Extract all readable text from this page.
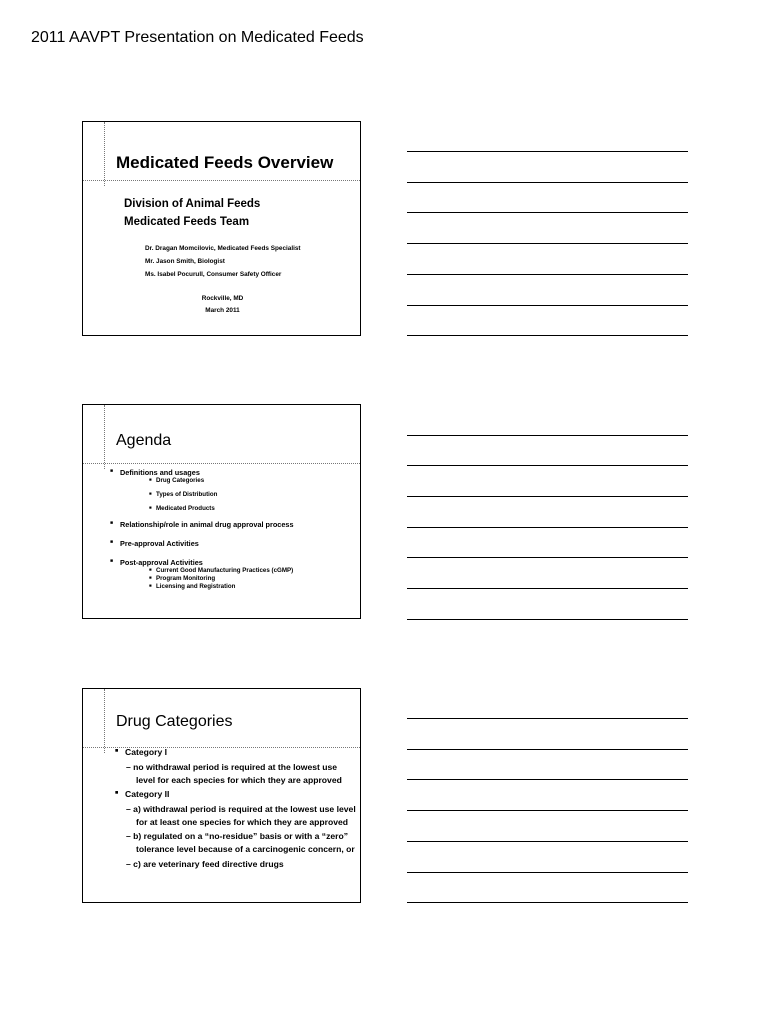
2011 AAVPT Presentation on Medicated Feeds
Medicated Feeds Overview
Division of Animal Feeds
Medicated Feeds Team
Dr. Dragan Momcilovic, Medicated Feeds Specialist
Mr. Jason Smith, Biologist
Ms. Isabel Pocurull, Consumer Safety Officer
Rockville, MD
March 2011
Agenda
■ Definitions and usages
■ Drug Categories
■ Types of Distribution
■ Medicated Products
■ Relationship/role in animal drug approval process
■ Pre-approval Activities
■ Post-approval Activities
■ Current Good Manufacturing Practices (cGMP)
■ Program Monitoring
■ Licensing and Registration
Drug Categories
■ Category I
– no withdrawal period is required at the lowest use
level for each species for which they are approved
■ Category II
– a) withdrawal period is required at the lowest use level
for at least one species for which they are approved
– b) regulated on a “no-residue” basis or with a “zero”
tolerance level because of a carcinogenic concern, or
– c) are veterinary feed directive drugs
